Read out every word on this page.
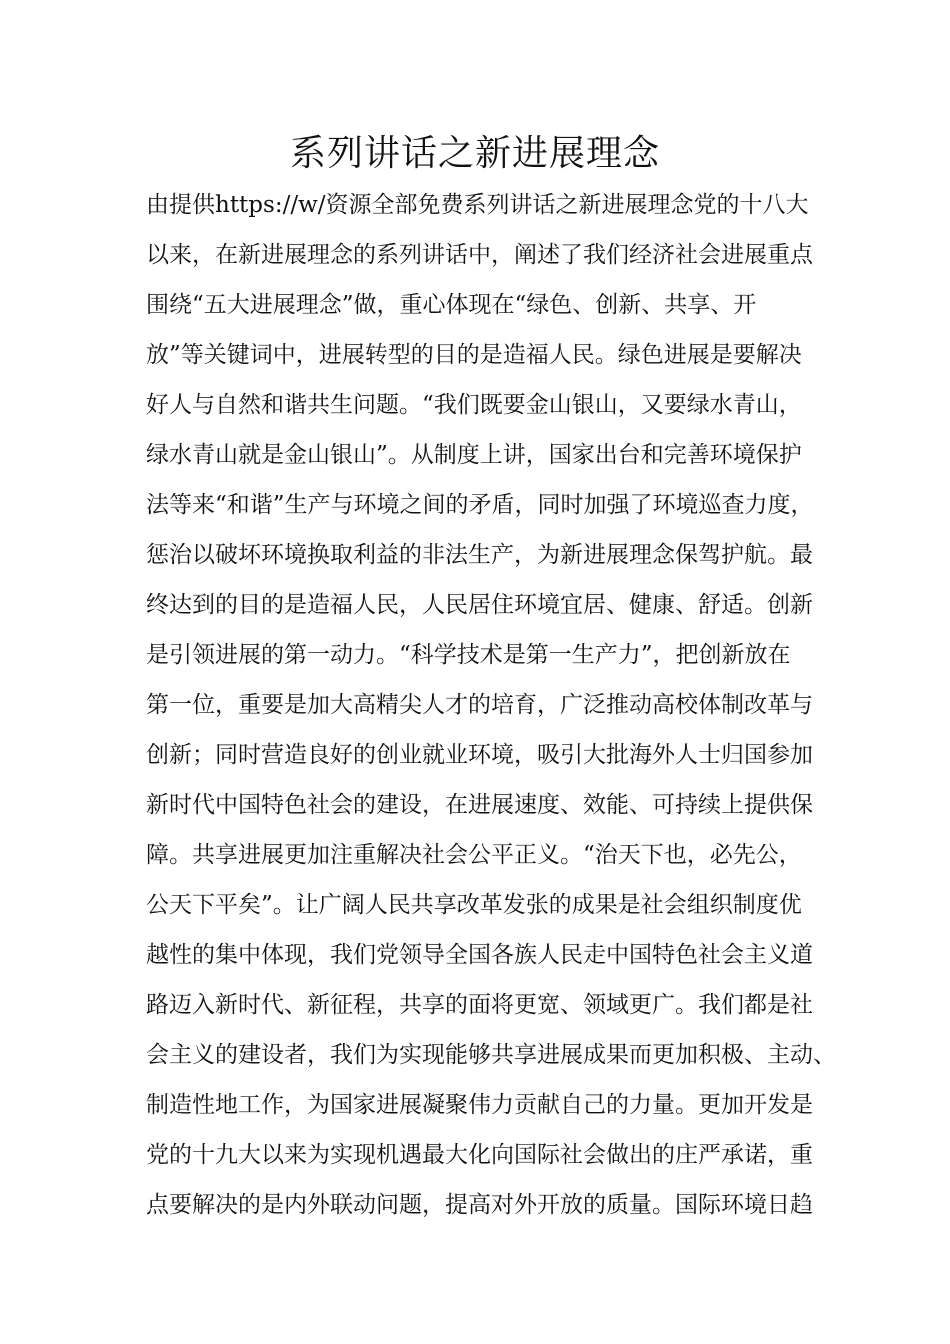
系列讲话之新进展理念
由提供https://w/资源全部免费系列讲话之新进展理念党的十八大
以来，在新进展理念的系列讲话中，阐述了我们经济社会进展重点
围绕“五大进展理念”做，重心体现在“绿色、创新、共享、开
放”等关键词中，进展转型的目的是造福人民。绿色进展是要解决
好人与自然和谐共生问题。“我们既要金山银山，又要绿水青山，
绿水青山就是金山银山”。从制度上讲，国家出台和完善环境保护
法等来“和谐”生产与环境之间的矛盾，同时加强了环境巡查力度，
惩治以破坏环境换取利益的非法生产，为新进展理念保驾护航。最
终达到的目的是造福人民，人民居住环境宜居、健康、舒适。创新
是引领进展的第一动力。“科学技术是第一生产力”，把创新放在
第一位，重要是加大高精尖人才的培育，广泛推动高校体制改革与
创新；同时营造良好的创业就业环境，吸引大批海外人士归国参加
新时代中国特色社会的建设，在进展速度、效能、可持续上提供保
障。共享进展更加注重解决社会公平正义。“治天下也，必先公，
公天下平矣”。让广阔人民共享改革发张的成果是社会组织制度优
越性的集中体现，我们党领导全国各族人民走中国特色社会主义道
路迈入新时代、新征程，共享的面将更宽、领域更广。我们都是社
会主义的建设者，我们为实现能够共享进展成果而更加积极、主动、
制造性地工作，为国家进展凝聚伟力贡献自己的力量。更加开发是
党的十九大以来为实现机遇最大化向国际社会做出的庄严承诺，重
点要解决的是内外联动问题，提高对外开放的质量。国际环境日趋
